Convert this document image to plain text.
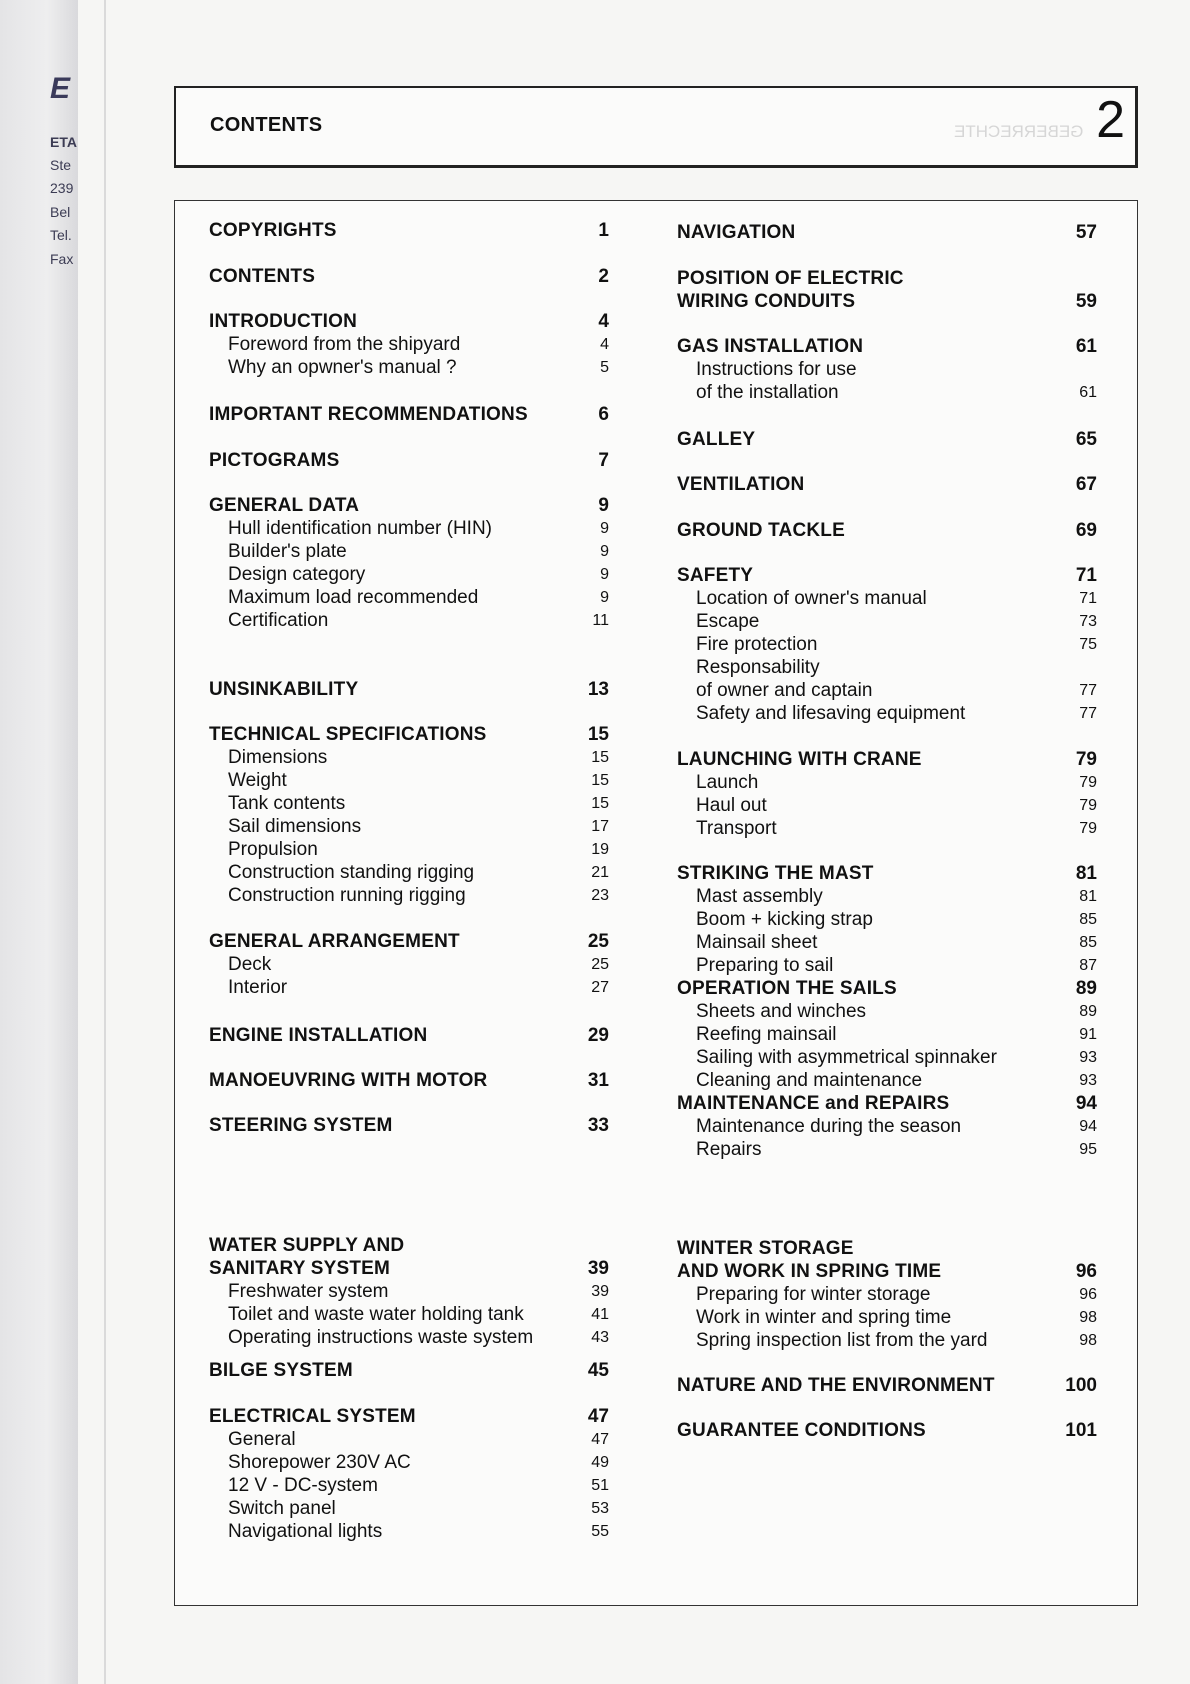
E
ETA
Ste
239
Bel
Tel.
Fax
GEBERRECHTE
CONTENTS	2
COPYRIGHTS	1
CONTENTS	2
INTRODUCTION	4
Foreword from the shipyard	4
Why an opwner's manual ?	5
IMPORTANT RECOMMENDATIONS	6
PICTOGRAMS	7
GENERAL DATA	9
Hull identification number (HIN)	9
Builder's plate	9
Design category	9
Maximum load recommended	9
Certification	11
UNSINKABILITY	13
TECHNICAL SPECIFICATIONS	15
Dimensions	15
Weight	15
Tank contents	15
Sail dimensions	17
Propulsion	19
Construction standing rigging	21
Construction running rigging	23
GENERAL ARRANGEMENT	25
Deck	25
Interior	27
ENGINE INSTALLATION	29
MANOEUVRING WITH MOTOR	31
STEERING SYSTEM	33
WATER SUPPLY AND
SANITARY SYSTEM	39
Freshwater system	39
Toilet and waste water holding tank	41
Operating instructions waste system	43
BILGE SYSTEM	45
ELECTRICAL SYSTEM	47
General	47
Shorepower 230V AC	49
12 V - DC-system	51
Switch panel	53
Navigational lights	55
NAVIGATION	57
POSITION OF ELECTRIC
WIRING CONDUITS	59
GAS INSTALLATION	61
Instructions for use
of the installation	61
GALLEY	65
VENTILATION	67
GROUND TACKLE	69
SAFETY	71
Location of owner's manual	71
Escape	73
Fire protection	75
Responsability
of owner and captain	77
Safety and lifesaving equipment	77
LAUNCHING WITH CRANE	79
Launch	79
Haul out	79
Transport	79
STRIKING THE MAST	81
Mast assembly	81
Boom + kicking strap	85
Mainsail sheet	85
Preparing to sail	87
OPERATION THE SAILS	89
Sheets and winches	89
Reefing mainsail	91
Sailing with asymmetrical spinnaker	93
Cleaning and maintenance	93
MAINTENANCE and REPAIRS	94
Maintenance during the season	94
Repairs	95
WINTER STORAGE
AND WORK IN SPRING TIME	96
Preparing for winter storage	96
Work in winter and spring time	98
Spring inspection list from the yard	98
NATURE AND THE ENVIRONMENT	100
GUARANTEE CONDITIONS	101
